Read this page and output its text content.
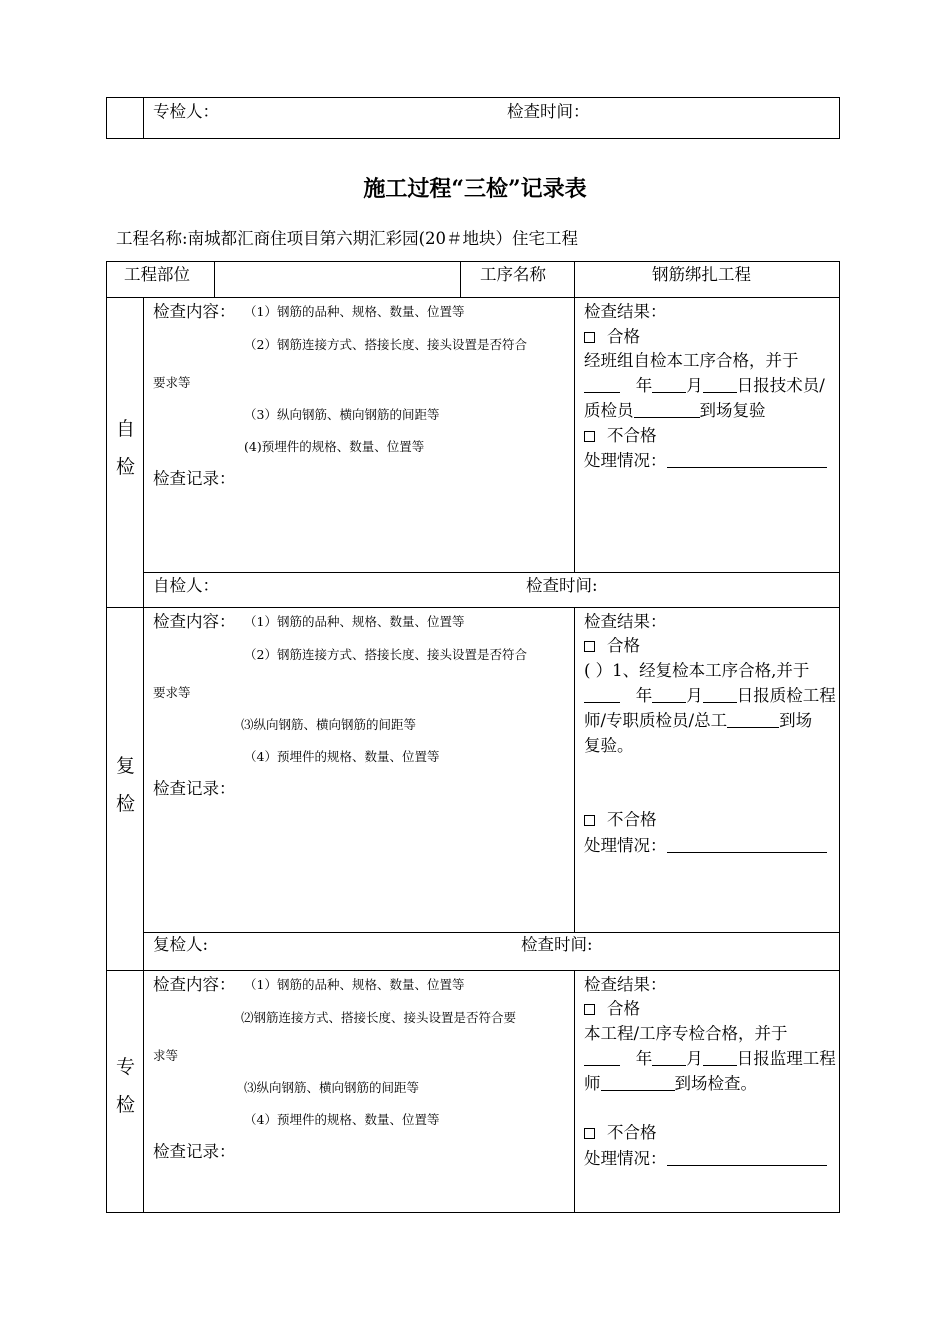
专检人：	检查时间：
施工过程“三检”记录表
工程名称:南城都汇商住项目第六期汇彩园(20＃地块）住宅工程
工程部位	工序名称	钢筋绑扎工程
自
检
检查内容： （1）钢筋的品种、规格、数量、位置等
（2）钢筋连接方式、搭接长度、接头设置是否符合
要求等
（3）纵向钢筋、横向钢筋的间距等
(4)预埋件的规格、数量、位置等
检查记录：
检查结果：
合格
经班组自检本工序合格，并于
年 月 日报技术员/
质检员	到场复验
不合格
处理情况：
自检人：	检查时间:
复
检
检查内容： （1）钢筋的品种、规格、数量、位置等
（2）钢筋连接方式、搭接长度、接头设置是否符合
要求等
⑶纵向钢筋、横向钢筋的间距等
（4）预埋件的规格、数量、位置等
检查记录：
检查结果：
合格
( ）1、经复检本工序合格,并于
年 月 日报质检工程
师/专职质检员/总工	到场
复验。
不合格
处理情况：
复检人:	检查时间:
专
检
检查内容： （1）钢筋的品种、规格、数量、位置等
⑵钢筋连接方式、搭接长度、接头设置是否符合要
求等
⑶纵向钢筋、横向钢筋的间距等
（4）预埋件的规格、数量、位置等
检查记录：
检查结果：
合格
本工程/工序专检合格，并于
年 月 日报监理工程
师	到场检查。
不合格
处理情况：
